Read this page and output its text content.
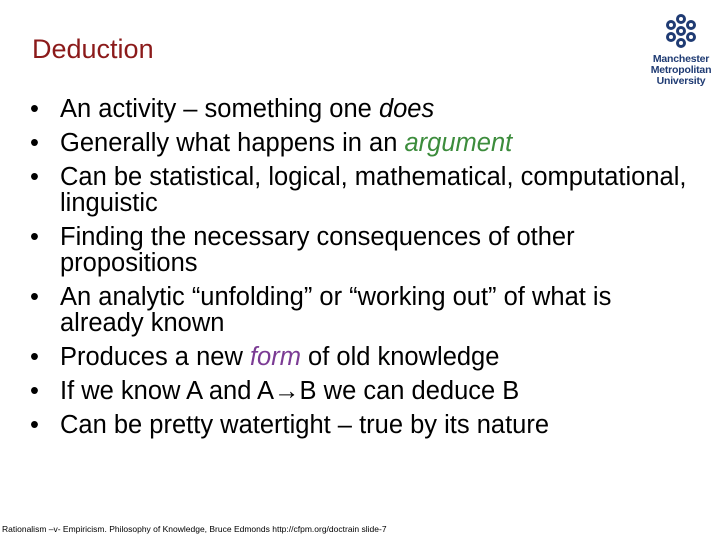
Deduction	Manchester
Metropolitan
University
• An activity – something one does
• Generally what happens in an argument
• Can be statistical, logical, mathematical, computational, linguistic
• Finding the necessary consequences of other propositions
• An analytic “unfolding” or “working out” of what is already known
• Produces a new form of old knowledge
• If we know A and A→B we can deduce B
• Can be pretty watertight – true by its nature
Rationalism –v- Empiricism. Philosophy of Knowledge, Bruce Edmonds http://cfpm.org/doctrain slide-7
